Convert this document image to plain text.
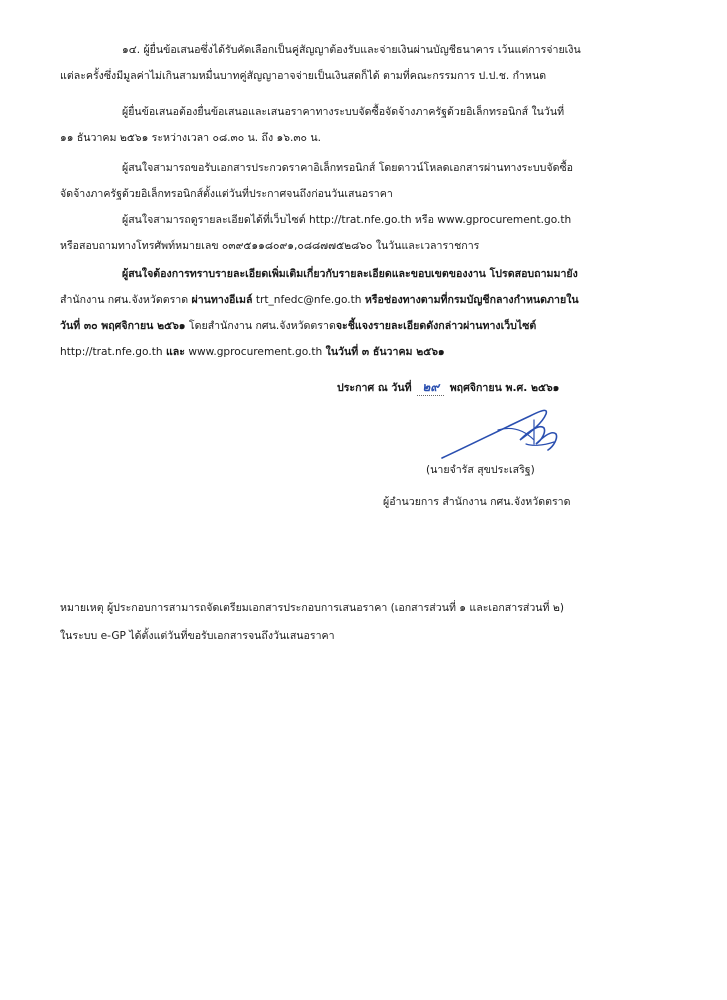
๑๔. ผู้ยื่นข้อเสนอซึ่งได้รับคัดเลือกเป็นคู่สัญญาต้องรับและจ่ายเงินผ่านบัญชีธนาคาร เว้นแต่การจ่ายเงิน
แต่ละครั้งซึ่งมีมูลค่าไม่เกินสามหมื่นบาทคู่สัญญาอาจจ่ายเป็นเงินสดก็ได้ ตามที่คณะกรรมการ ป.ป.ช. กำหนด
ผู้ยื่นข้อเสนอต้องยื่นข้อเสนอและเสนอราคาทางระบบจัดซื้อจัดจ้างภาครัฐด้วยอิเล็กทรอนิกส์ ในวันที่
๑๑ ธันวาคม ๒๕๖๑ ระหว่างเวลา ๐๘.๓๐ น. ถึง ๑๖.๓๐ น.
ผู้สนใจสามารถขอรับเอกสารประกวดราคาอิเล็กทรอนิกส์ โดยดาวน์โหลดเอกสารผ่านทางระบบจัดซื้อ
จัดจ้างภาครัฐด้วยอิเล็กทรอนิกส์ตั้งแต่วันที่ประกาศจนถึงก่อนวันเสนอราคา
ผู้สนใจสามารถดูรายละเอียดได้ที่เว็บไซต์ http://trat.nfe.go.th หรือ www.gprocurement.go.th
หรือสอบถามทางโทรศัพท์หมายเลข ๐๓๙๕๑๑๘๐๙๑,๐๘๘๗๗๕๒๘๖๐ ในวันและเวลาราชการ
ผู้สนใจต้องการทราบรายละเอียดเพิ่มเติมเกี่ยวกับรายละเอียดและขอบเขตของงาน โปรดสอบถามมายัง
สำนักงาน กศน.จังหวัดตราด ผ่านทางอีเมล์ trt_nfedc@nfe.go.th หรือช่องทางตามที่กรมบัญชีกลางกำหนดภายใน
วันที่ ๓๐ พฤศจิกายน ๒๕๖๑ โดยสำนักงาน กศน.จังหวัดตราดจะชี้แจงรายละเอียดดังกล่าวผ่านทางเว็บไซต์
http://trat.nfe.go.th และ www.gprocurement.go.th ในวันที่ ๓ ธันวาคม ๒๕๖๑
ประกาศ ณ วันที่ ๒๙ พฤศจิกายน พ.ศ. ๒๕๖๑
(นายจำรัส สุขประเสริฐ)
ผู้อำนวยการ สำนักงาน กศน.จังหวัดตราด
หมายเหตุ ผู้ประกอบการสามารถจัดเตรียมเอกสารประกอบการเสนอราคา (เอกสารส่วนที่ ๑ และเอกสารส่วนที่ ๒)
ในระบบ e-GP ได้ตั้งแต่วันที่ขอรับเอกสารจนถึงวันเสนอราคา
